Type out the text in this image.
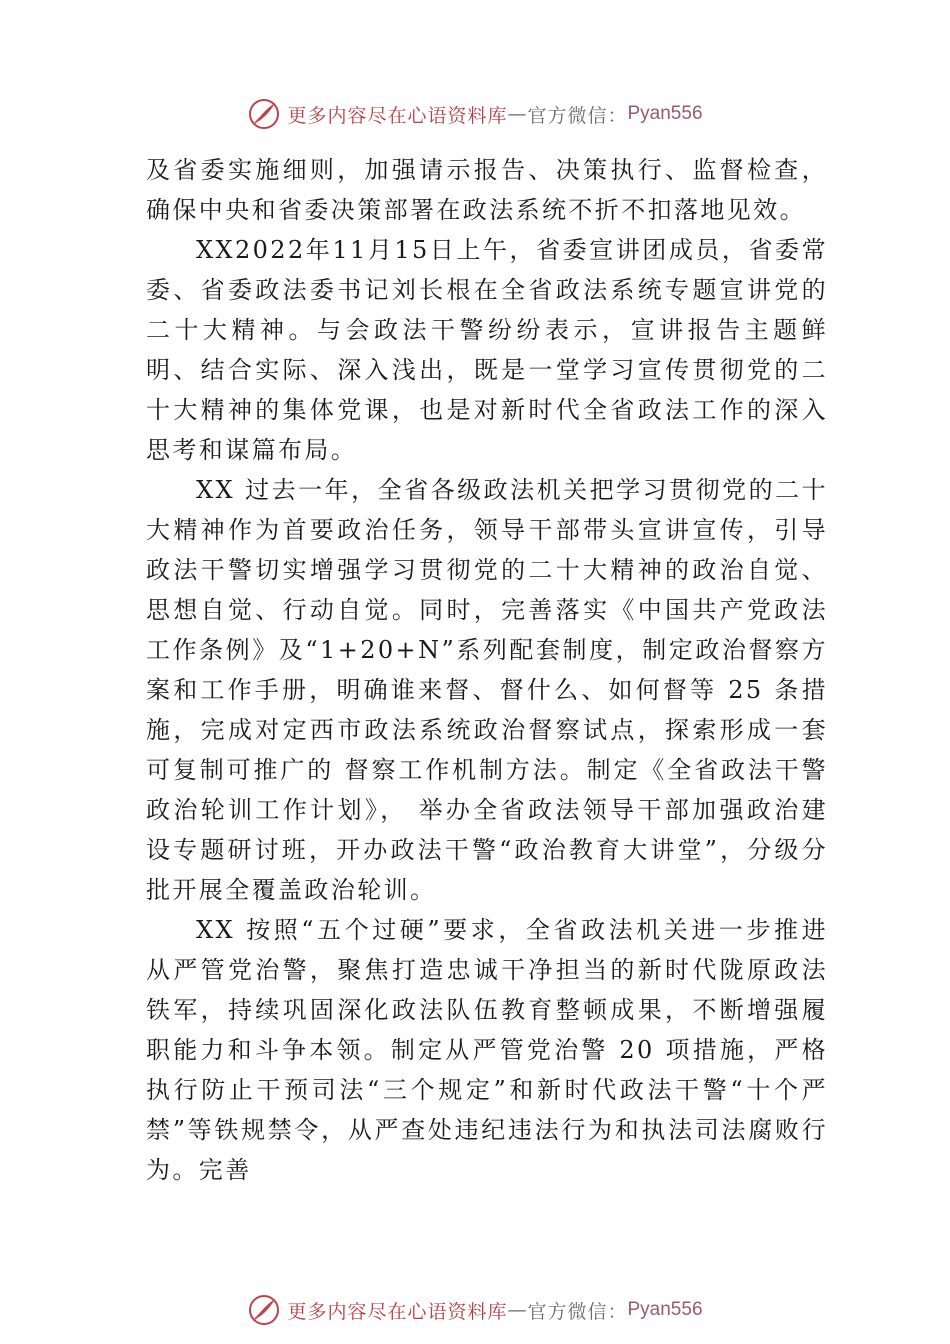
更多内容尽在心语资料库 — 官方微信： Pyan556

及省委实施细则，加强请示报告、决策执行、监督检查，确保中央和省委决策部署在政法系统不折不扣落地见效。

XX2022年11月15日上午，省委宣讲团成员，省委常委、省委政法委书记刘长根在全省政法系统专题宣讲党的二十大精神。与会政法干警纷纷表示，宣讲报告主题鲜明、结合实际、深入浅出，既是一堂学习宣传贯彻党的二十大精神的集体党课，也是对新时代全省政法工作的深入思考和谋篇布局。

XX 过去一年，全省各级政法机关把学习贯彻党的二十大精神作为首要政治任务，领导干部带头宣讲宣传，引导政法干警切实增强学习贯彻党的二十大精神的政治自觉、思想自觉、行动自觉。同时，完善落实《中国共产党政法工作条例》及“1+20+N”系列配套制度，制定政治督察方案和工作手册，明确谁来督、督什么、如何督等 25 条措施，完成对定西市政法系统政治督察试点，探索形成一套可复制可推广的 督察工作机制方法。制定《全省政法干警政治轮训工作计划》， 举办全省政法领导干部加强政治建设专题研讨班，开办政法干警“政治教育大讲堂”，分级分批开展全覆盖政治轮训。

XX 按照“五个过硬”要求，全省政法机关进一步推进从严管党治警，聚焦打造忠诚干净担当的新时代陇原政法铁军，持续巩固深化政法队伍教育整顿成果，不断增强履职能力和斗争本领。制定从严管党治警 20 项措施，严格执行防止干预司法“三个规定”和新时代政法干警“十个严禁”等铁规禁令，从严查处违纪违法行为和执法司法腐败行为。完善

更多内容尽在心语资料库 — 官方微信： Pyan556
